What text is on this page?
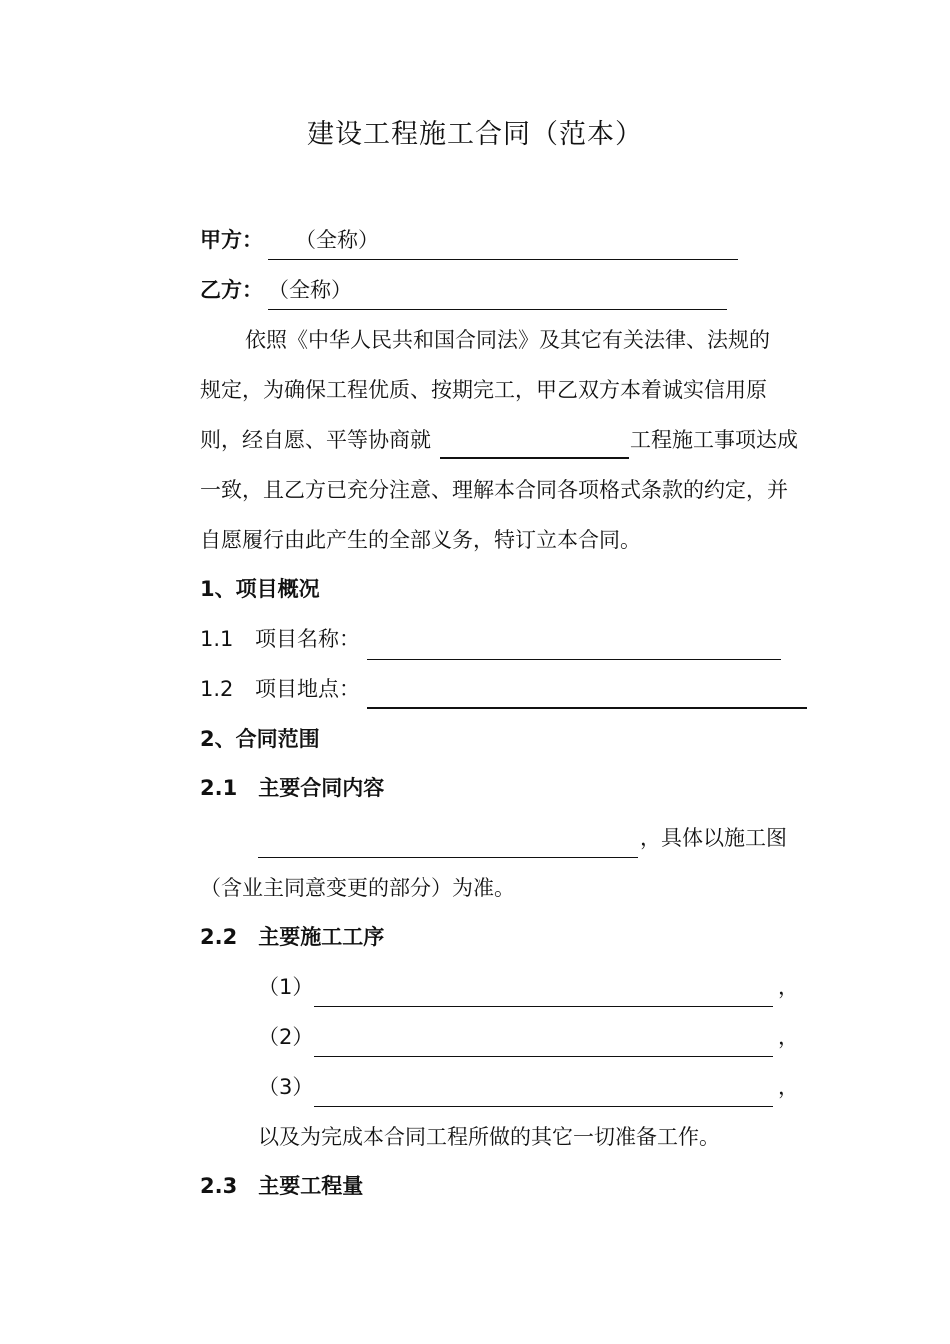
建设工程施工合同（范本）
甲方： （全称）
乙方： （全称）
依照《中华人民共和国合同法》及其它有关法律、法规的
规定，为确保工程优质、按期完工，甲乙双方本着诚实信用原
则，经自愿、平等协商就	工程施工事项达成
一致，且乙方已充分注意、理解本合同各项格式条款的约定，并
自愿履行由此产生的全部义务，特订立本合同。
1、项目概况
1.1 项目名称：
1.2 项目地点：
2、合同范围
2.1　主要合同内容
，具体以施工图
（含业主同意变更的部分）为准。
2.2　主要施工工序
（1）	，
（2）	，
（3）	，
以及为完成本合同工程所做的其它一切准备工作。
2.3　主要工程量
